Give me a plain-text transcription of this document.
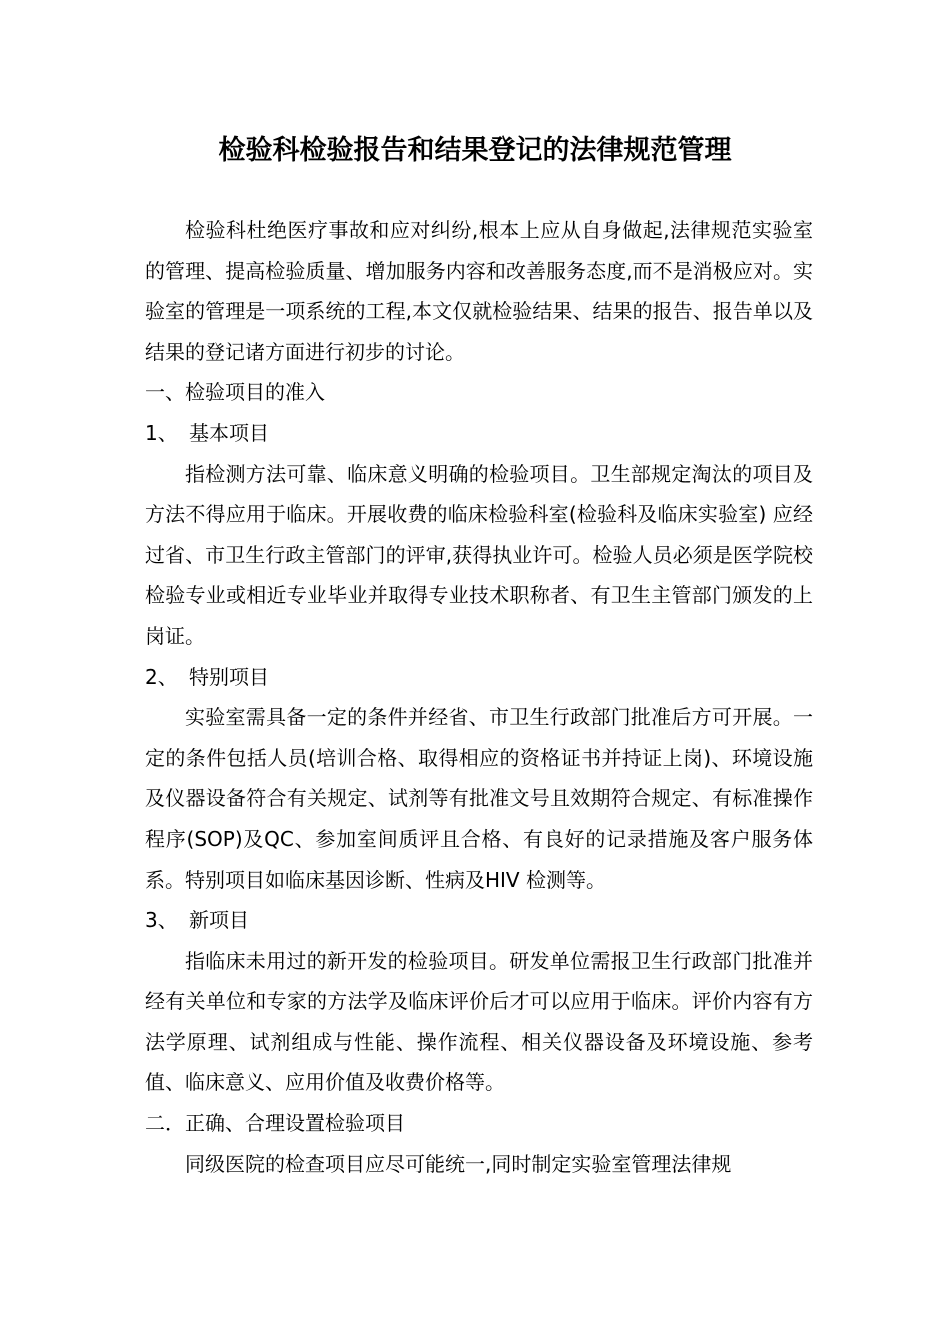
检验科检验报告和结果登记的法律规范管理

检验科杜绝医疗事故和应对纠纷,根本上应从自身做起,法律规范实验室的管理、提高检验质量、增加服务内容和改善服务态度,而不是消极应对。实验室的管理是一项系统的工程,本文仅就检验结果、结果的报告、报告单以及结果的登记诸方面进行初步的讨论。

一、检验项目的准入

1、 基本项目

指检测方法可靠、临床意义明确的检验项目。卫生部规定淘汰的项目及方法不得应用于临床。开展收费的临床检验科室(检验科及临床实验室) 应经过省、市卫生行政主管部门的评审,获得执业许可。检验人员必须是医学院校检验专业或相近专业毕业并取得专业技术职称者、有卫生主管部门颁发的上岗证。

2、 特别项目

实验室需具备一定的条件并经省、市卫生行政部门批准后方可开展。一定的条件包括人员(培训合格、取得相应的资格证书并持证上岗)、环境设施及仪器设备符合有关规定、试剂等有批准文号且效期符合规定、有标准操作程序(SOP)及QC、参加室间质评且合格、有良好的记录措施及客户服务体系。特别项目如临床基因诊断、性病及HIV 检测等。

3、 新项目

指临床未用过的新开发的检验项目。研发单位需报卫生行政部门批准并经有关单位和专家的方法学及临床评价后才可以应用于临床。评价内容有方法学原理、试剂组成与性能、操作流程、相关仪器设备及环境设施、参考值、临床意义、应用价值及收费价格等。

二．正确、合理设置检验项目

同级医院的检查项目应尽可能统一,同时制定实验室管理法律规
